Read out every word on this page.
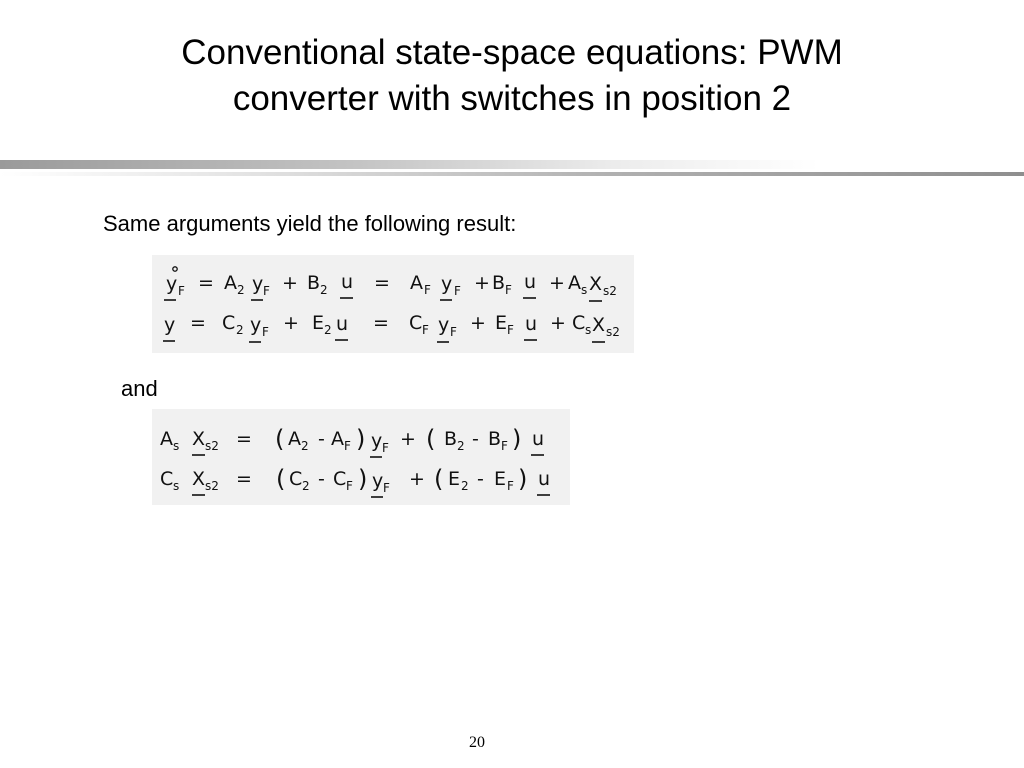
Conventional state-space equations: PWM
converter with switches in position 2
Same arguments yield the following result:
y F = A 2 y F + B 2 u = A F y F + B F u + A s X s2
y = C 2 y F + E 2 u = C F y F + E F u + C s X s2
and
A s X s2 = ( A 2 - A F ) y F + ( B 2 - B F ) u
C s X s2 = ( C 2 - C F ) y F + ( E 2 - E F ) u
20
